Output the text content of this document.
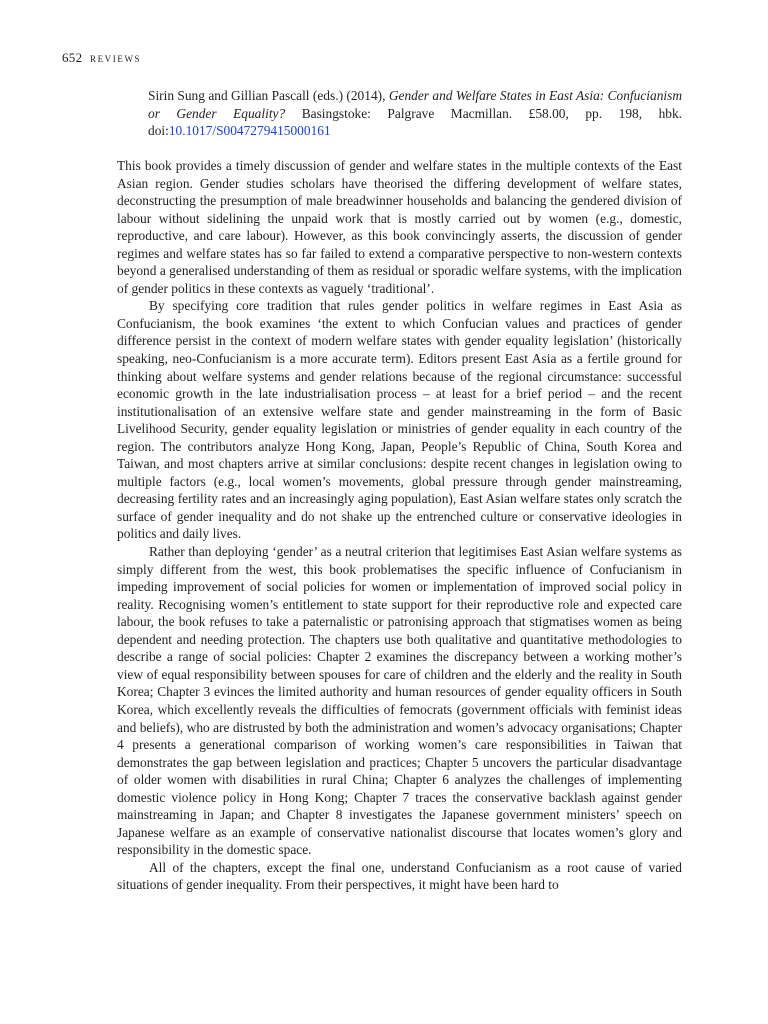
652 reviews
Sirin Sung and Gillian Pascall (eds.) (2014), Gender and Welfare States in East Asia: Confucianism or Gender Equality? Basingstoke: Palgrave Macmillan. £58.00, pp. 198, hbk. doi:10.1017/S0047279415000161

This book provides a timely discussion of gender and welfare states in the multiple contexts of the East Asian region. Gender studies scholars have theorised the differing development of welfare states, deconstructing the presumption of male breadwinner households and balancing the gendered division of labour without sidelining the unpaid work that is mostly carried out by women (e.g., domestic, reproductive, and care labour). However, as this book convincingly asserts, the discussion of gender regimes and welfare states has so far failed to extend a comparative perspective to non-western contexts beyond a generalised understanding of them as residual or sporadic welfare systems, with the implication of gender politics in these contexts as vaguely ‘traditional’.

By specifying core tradition that rules gender politics in welfare regimes in East Asia as Confucianism, the book examines ‘the extent to which Confucian values and practices of gender difference persist in the context of modern welfare states with gender equality legislation’ (historically speaking, neo-Confucianism is a more accurate term). Editors present East Asia as a fertile ground for thinking about welfare systems and gender relations because of the regional circumstance: successful economic growth in the late industrialisation process – at least for a brief period – and the recent institutionalisation of an extensive welfare state and gender mainstreaming in the form of Basic Livelihood Security, gender equality legislation or ministries of gender equality in each country of the region. The contributors analyze Hong Kong, Japan, People’s Republic of China, South Korea and Taiwan, and most chapters arrive at similar conclusions: despite recent changes in legislation owing to multiple factors (e.g., local women’s movements, global pressure through gender mainstreaming, decreasing fertility rates and an increasingly aging population), East Asian welfare states only scratch the surface of gender inequality and do not shake up the entrenched culture or conservative ideologies in politics and daily lives.

Rather than deploying ‘gender’ as a neutral criterion that legitimises East Asian welfare systems as simply different from the west, this book problematises the specific influence of Confucianism in impeding improvement of social policies for women or implementation of improved social policy in reality. Recognising women’s entitlement to state support for their reproductive role and expected care labour, the book refuses to take a paternalistic or patronising approach that stigmatises women as being dependent and needing protection. The chapters use both qualitative and quantitative methodologies to describe a range of social policies: Chapter 2 examines the discrepancy between a working mother’s view of equal responsibility between spouses for care of children and the elderly and the reality in South Korea; Chapter 3 evinces the limited authority and human resources of gender equality officers in South Korea, which excellently reveals the difficulties of femocrats (government officials with feminist ideas and beliefs), who are distrusted by both the administration and women’s advocacy organisations; Chapter 4 presents a generational comparison of working women’s care responsibilities in Taiwan that demonstrates the gap between legislation and practices; Chapter 5 uncovers the particular disadvantage of older women with disabilities in rural China; Chapter 6 analyzes the challenges of implementing domestic violence policy in Hong Kong; Chapter 7 traces the conservative backlash against gender mainstreaming in Japan; and Chapter 8 investigates the Japanese government ministers’ speech on Japanese welfare as an example of conservative nationalist discourse that locates women’s glory and responsibility in the domestic space.

All of the chapters, except the final one, understand Confucianism as a root cause of varied situations of gender inequality. From their perspectives, it might have been hard to
